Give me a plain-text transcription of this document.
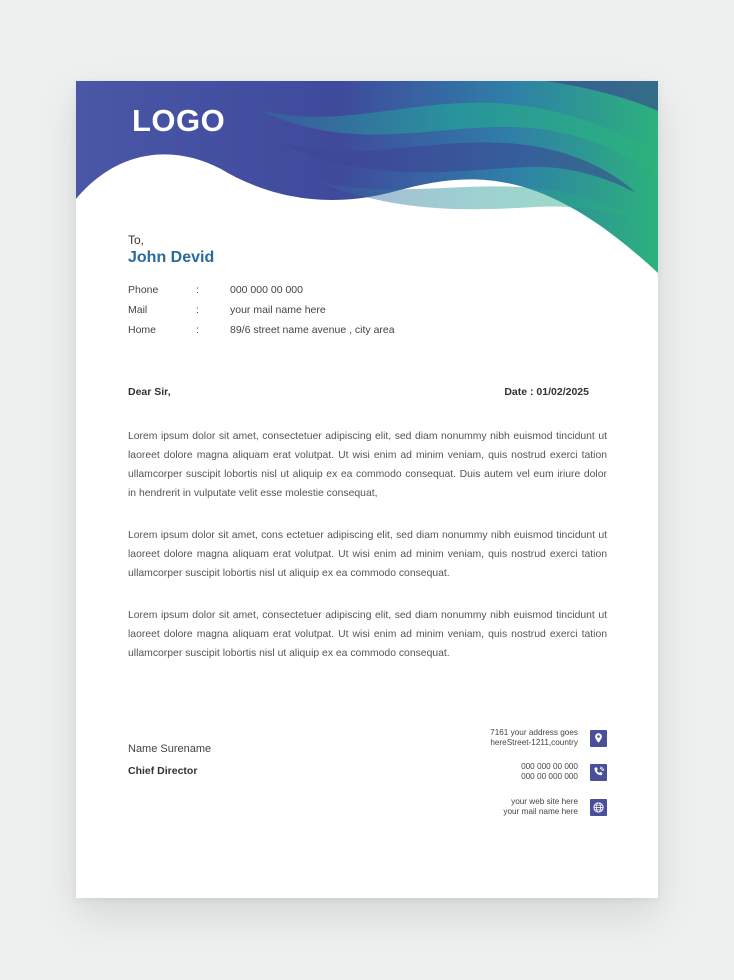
LOGO
To,
John Devid
Phone	:	000 000 00 000
Mail	:	your mail name here
Home	:	89/6 street name avenue , city area
Dear Sir,	Date : 01/02/2025

Lorem ipsum dolor sit amet, consectetuer adipiscing elit, sed diam nonummy nibh euismod tincidunt ut laoreet dolore magna aliquam erat volutpat. Ut wisi enim ad minim veniam, quis nostrud exerci tation ullamcorper suscipit lobortis nisl ut aliquip ex ea commodo consequat. Duis autem vel eum iriure dolor in hendrerit in vulputate velit esse molestie consequat,

Lorem ipsum dolor sit amet, cons ectetuer adipiscing elit, sed diam nonummy nibh euismod tincidunt ut laoreet dolore magna aliquam erat volutpat. Ut wisi enim ad minim veniam, quis nostrud exerci tation ullamcorper suscipit lobortis nisl ut aliquip ex ea commodo consequat.

Lorem ipsum dolor sit amet, consectetuer adipiscing elit, sed diam nonummy nibh euismod tincidunt ut laoreet dolore magna aliquam erat volutpat. Ut wisi enim ad minim veniam, quis nostrud exerci tation ullamcorper suscipit lobortis nisl ut aliquip ex ea commodo consequat.

Name Surename
Chief Director
7161 your address goes
hereStreet-1211,country
000 000 00 000
000 00 000 000
your web site here
your mail name here
